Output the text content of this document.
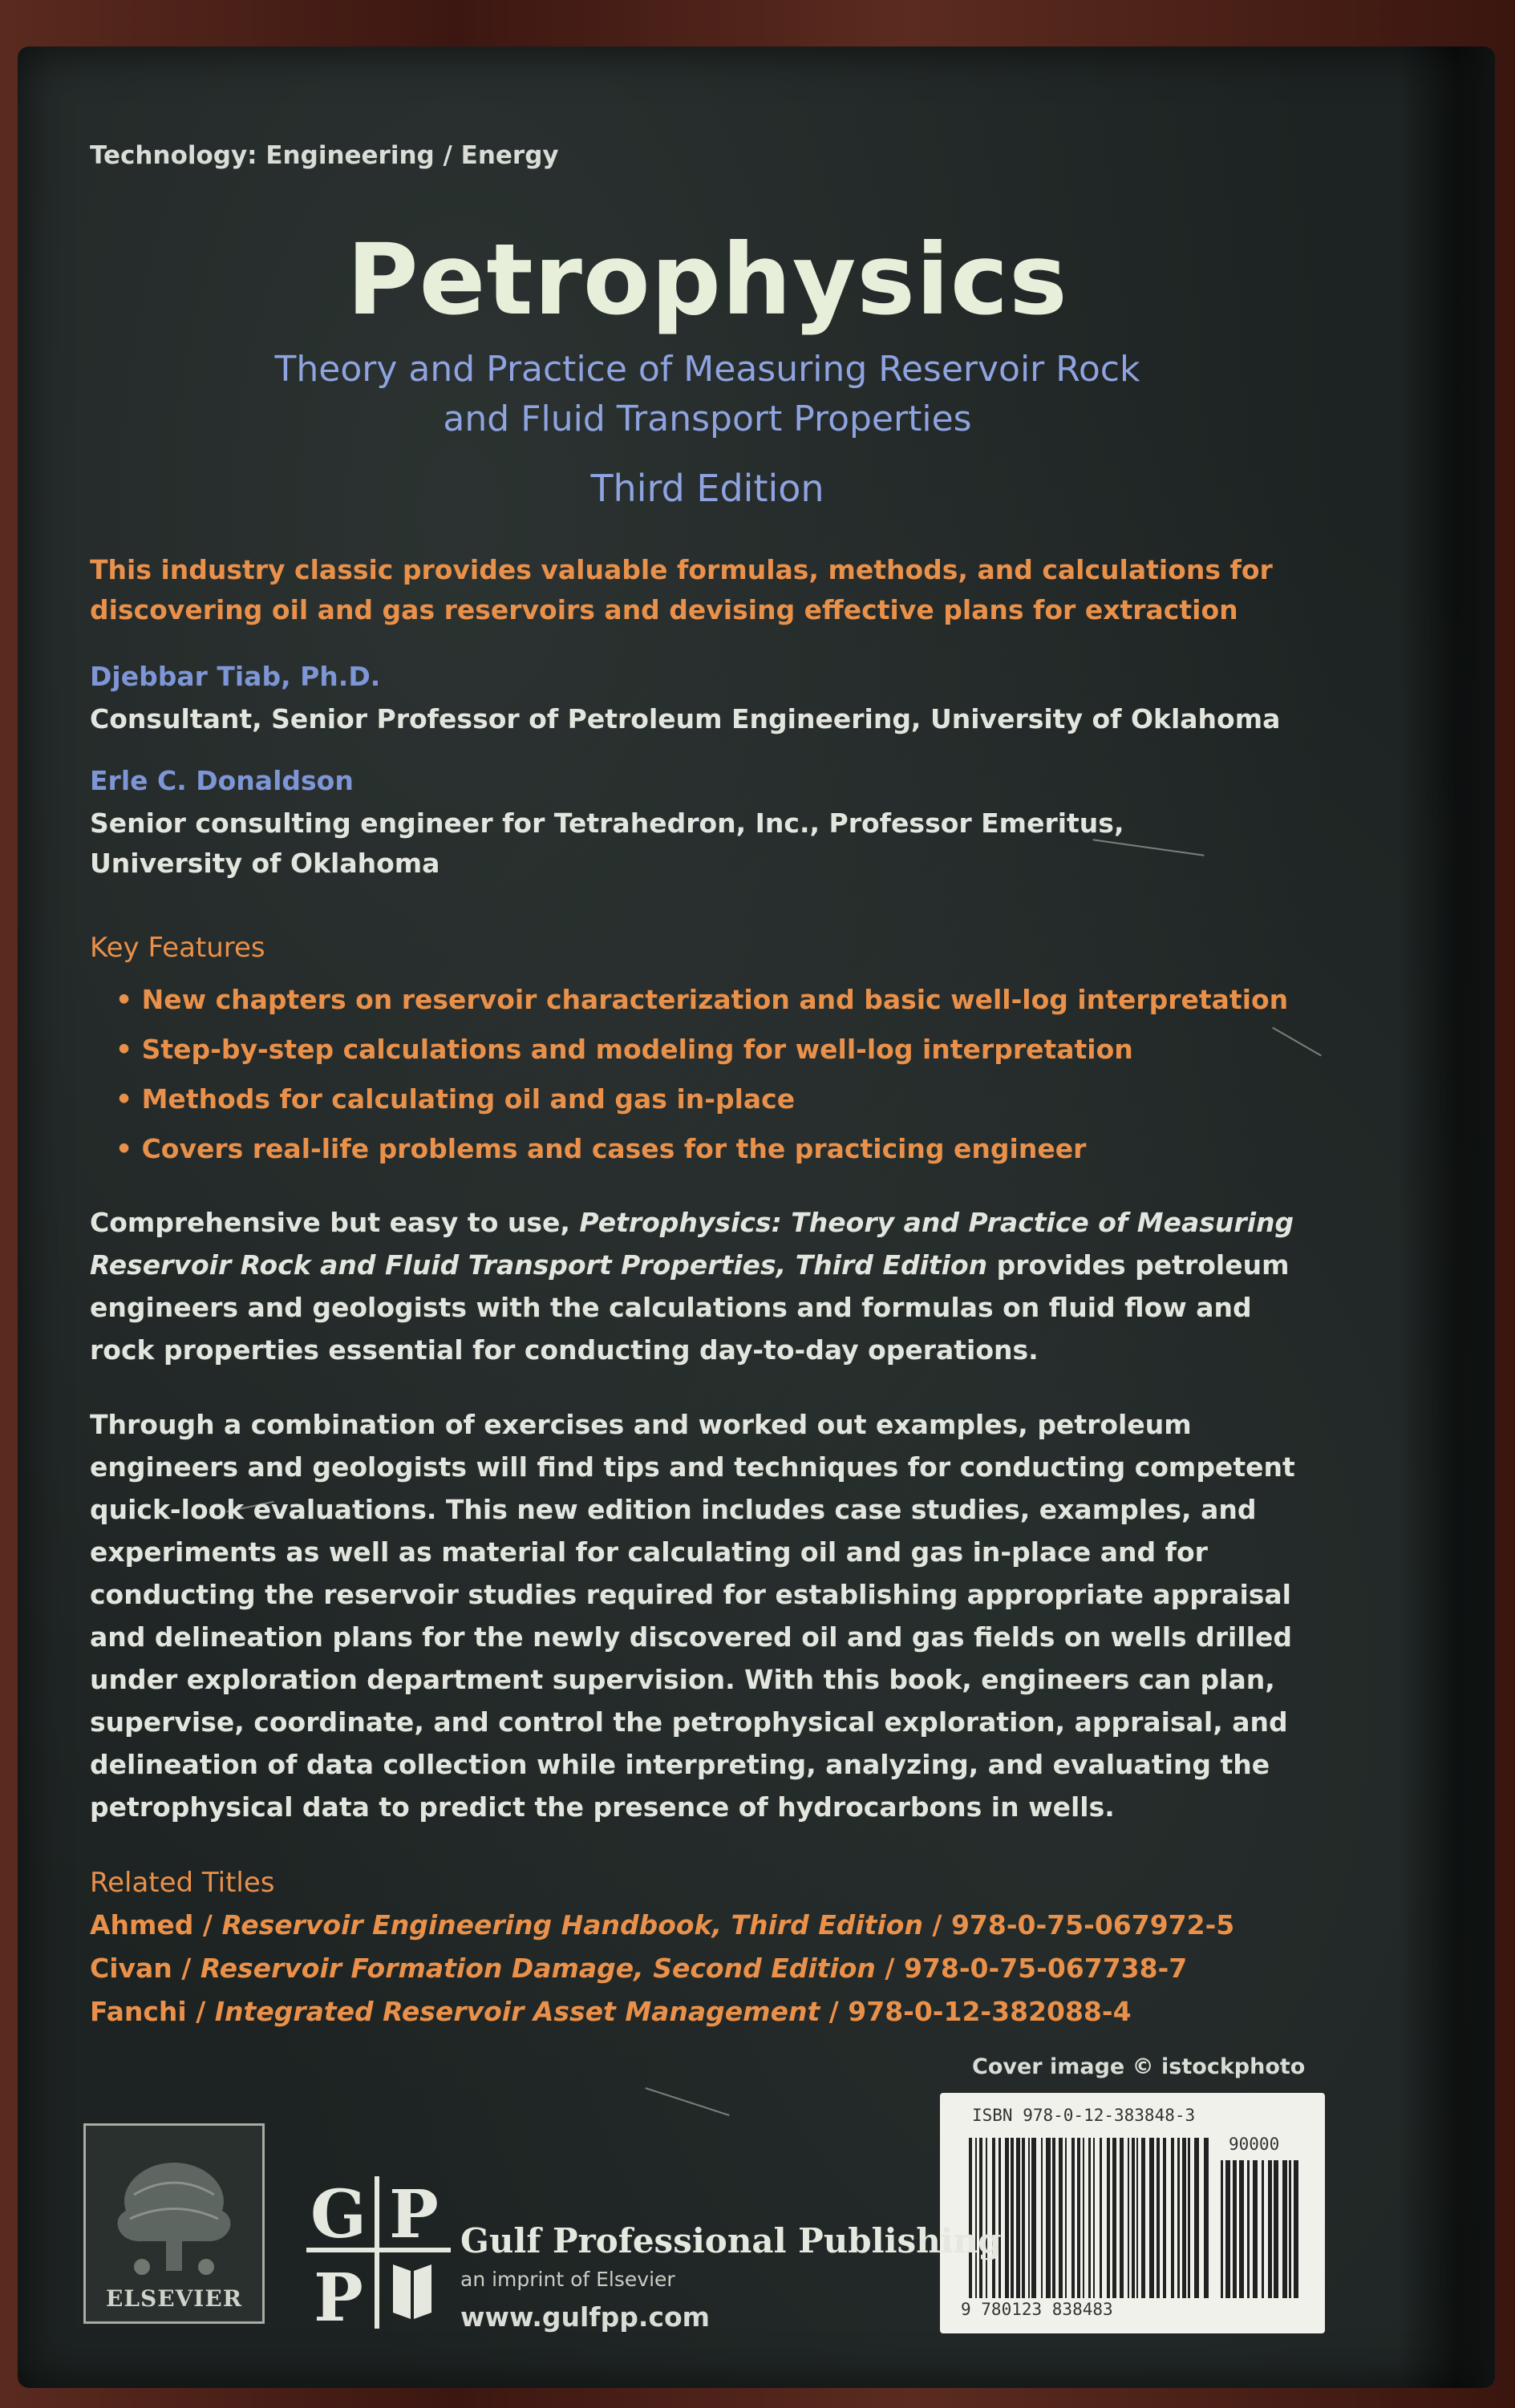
Technology: Engineering / Energy

Petrophysics

Theory and Practice of Measuring Reservoir Rock
and Fluid Transport Properties

Third Edition

This industry classic provides valuable formulas, methods, and calculations for
discovering oil and gas reservoirs and devising effective plans for extraction

Djebbar Tiab, Ph.D.

Consultant, Senior Professor of Petroleum Engineering, University of Oklahoma

Erle C. Donaldson

Senior consulting engineer for Tetrahedron, Inc., Professor Emeritus,
University of Oklahoma

Key Features

• New chapters on reservoir characterization and basic well-log interpretation
• Step-by-step calculations and modeling for well-log interpretation
• Methods for calculating oil and gas in-place
• Covers real-life problems and cases for the practicing engineer

Comprehensive but easy to use, Petrophysics: Theory and Practice of Measuring
Reservoir Rock and Fluid Transport Properties, Third Edition provides petroleum
engineers and geologists with the calculations and formulas on fluid flow and
rock properties essential for conducting day-to-day operations.

Through a combination of exercises and worked out examples, petroleum
engineers and geologists will find tips and techniques for conducting competent
quick-look evaluations. This new edition includes case studies, examples, and
experiments as well as material for calculating oil and gas in-place and for
conducting the reservoir studies required for establishing appropriate appraisal
and delineation plans for the newly discovered oil and gas fields on wells drilled
under exploration department supervision. With this book, engineers can plan,
supervise, coordinate, and control the petrophysical exploration, appraisal, and
delineation of data collection while interpreting, analyzing, and evaluating the
petrophysical data to predict the presence of hydrocarbons in wells.

Related Titles

Ahmed / Reservoir Engineering Handbook, Third Edition / 978-0-75-067972-5
Civan / Reservoir Formation Damage, Second Edition / 978-0-75-067738-7
Fanchi / Integrated Reservoir Asset Management / 978-0-12-382088-4

Cover image © istockphoto

ISBN 978-0-12-383848-3
90000
9 780123 838483
ELSEVIER
G P
P

Gulf Professional Publishing

an imprint of Elsevier

www.gulfpp.com
